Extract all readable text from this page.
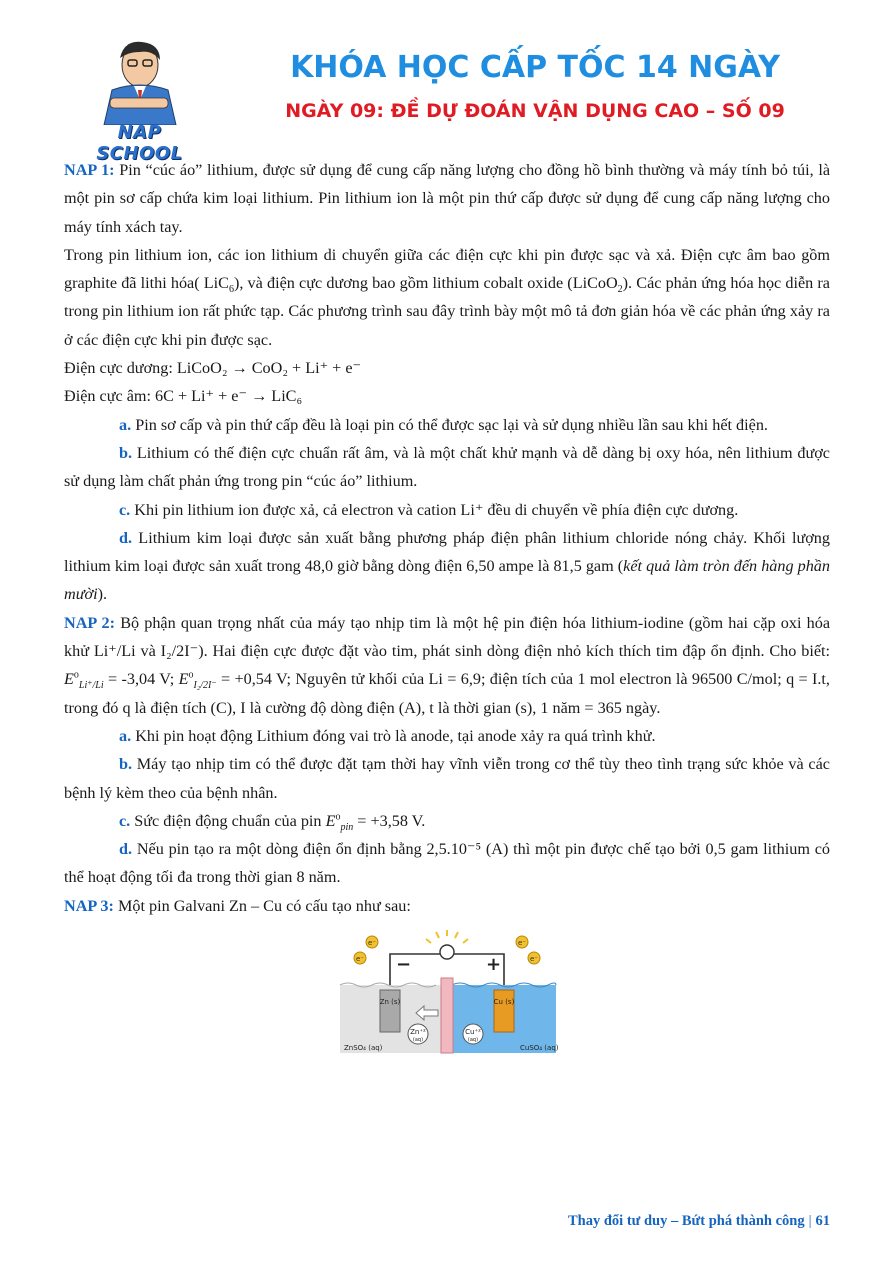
NAP SCHOOL
KHÓA HỌC CẤP TỐC 14 NGÀY
NGÀY 09: ĐỀ DỰ ĐOÁN VẬN DỤNG CAO – SỐ 09

NAP 1: Pin “cúc áo” lithium, được sử dụng để cung cấp năng lượng cho đồng hồ bình thường và máy tính bỏ túi, là một pin sơ cấp chứa kim loại lithium. Pin lithium ion là một pin thứ cấp được sử dụng để cung cấp năng lượng cho máy tính xách tay.

Trong pin lithium ion, các ion lithium di chuyển giữa các điện cực khi pin được sạc và xả. Điện cực âm bao gồm graphite đã lithi hóa( LiC$_6$), và điện cực dương bao gồm lithium cobalt oxide (LiCoO$_2$). Các phản ứng hóa học diễn ra trong pin lithium ion rất phức tạp. Các phương trình sau đây trình bày một mô tả đơn giản hóa về các phản ứng xảy ra ở các điện cực khi pin được sạc.

Điện cực dương: LiCoO₂ → CoO₂ + Li⁺ + e⁻

Điện cực âm: 6C + Li⁺ + e⁻ → LiC₆

a. Pin sơ cấp và pin thứ cấp đều là loại pin có thể được sạc lại và sử dụng nhiều lần sau khi hết điện.

b. Lithium có thế điện cực chuẩn rất âm, và là một chất khử mạnh và dễ dàng bị oxy hóa, nên lithium được sử dụng làm chất phản ứng trong pin “cúc áo” lithium.

c. Khi pin lithium ion được xả, cả electron và cation Li⁺ đều di chuyển về phía điện cực dương.

d. Lithium kim loại được sản xuất bằng phương pháp điện phân lithium chloride nóng chảy. Khối lượng lithium kim loại được sản xuất trong 48,0 giờ bằng dòng điện 6,50 ampe là 81,5 gam (kết quả làm tròn đến hàng phần mười).

NAP 2: Bộ phận quan trọng nhất của máy tạo nhịp tim là một hệ pin điện hóa lithium-iodine (gồm hai cặp oxi hóa khử Li⁺/Li và I₂/2I⁻). Hai điện cực được đặt vào tim, phát sinh dòng điện nhỏ kích thích tim đập ổn định. Cho biết: $E^o_{Li^+/Li} = -3,04$ V; $E^o_{I_2/2I^-} = +0,54$ V; Nguyên tử khối của Li = 6,9; điện tích của 1 mol electron là 96500 C/mol; q = I.t, trong đó q là điện tích (C), I là cường độ dòng điện (A), t là thời gian (s), 1 năm = 365 ngày.

a. Khi pin hoạt động Lithium đóng vai trò là anode, tại anode xảy ra quá trình khử.

b. Máy tạo nhịp tim có thể được đặt tạm thời hay vĩnh viễn trong cơ thể tùy theo tình trạng sức khỏe và các bệnh lý kèm theo của bệnh nhân.

c. Sức điện động chuẩn của pin $E^o_{pin} = +3,58$ V.

d. Nếu pin tạo ra một dòng điện ổn định bằng 2,5.10⁻⁵ (A) thì một pin được chế tạo bởi 0,5 gam lithium có thể hoạt động tối đa trong thời gian 8 năm.

NAP 3: Một pin Galvani Zn – Cu có cấu tạo như sau:

e⁻
e⁻
e⁻
e⁻
−	+
Zn (s)	Cu (s)
Zn⁺²
(aq)
Cu⁺²
(aq)
ZnSO₄ (aq)	CuSO₄ (aq)
Thay đổi tư duy – Bứt phá thành công | 61
